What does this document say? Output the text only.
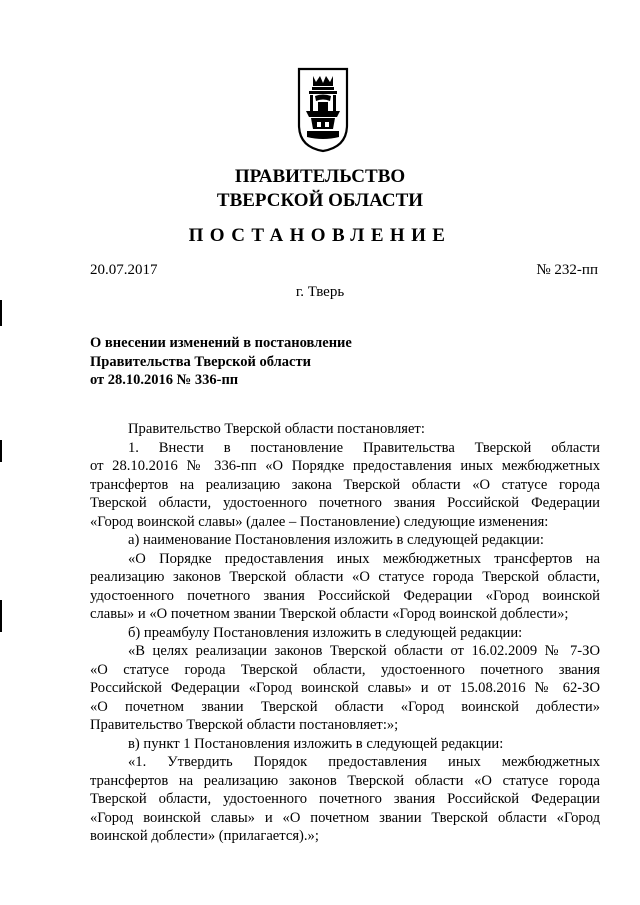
ПРАВИТЕЛЬСТВО
ТВЕРСКОЙ ОБЛАСТИ
ПОСТАНОВЛЕНИЕ
20.07.2017	№ 232-пп
г. Тверь
О внесении изменений в постановление
Правительства Тверской области
от 28.10.2016 № 336-пп
Правительство Тверской области постановляет:
1. Внести в постановление Правительства Тверской области
от 28.10.2016 № 336-пп «О Порядке предоставления иных межбюджетных
трансфертов на реализацию закона Тверской области «О статусе города
Тверской области, удостоенного почетного звания Российской Федерации
«Город воинской славы» (далее – Постановление) следующие изменения:
а) наименование Постановления изложить в следующей редакции:
«О Порядке предоставления иных межбюджетных трансфертов на
реализацию законов Тверской области «О статусе города Тверской области,
удостоенного почетного звания Российской Федерации «Город воинской
славы» и «О почетном звании Тверской области «Город воинской доблести»;
б) преамбулу Постановления изложить в следующей редакции:
«В целях реализации законов Тверской области от 16.02.2009 № 7-ЗО
«О статусе города Тверской области, удостоенного почетного звания
Российской Федерации «Город воинской славы» и от 15.08.2016 № 62-ЗО
«О почетном звании Тверской области «Город воинской доблести»
Правительство Тверской области постановляет:»;
в) пункт 1 Постановления изложить в следующей редакции:
«1. Утвердить Порядок предоставления иных межбюджетных
трансфертов на реализацию законов Тверской области «О статусе города
Тверской области, удостоенного почетного звания Российской Федерации
«Город воинской славы» и «О почетном звании Тверской области «Город
воинской доблести» (прилагается).»;
